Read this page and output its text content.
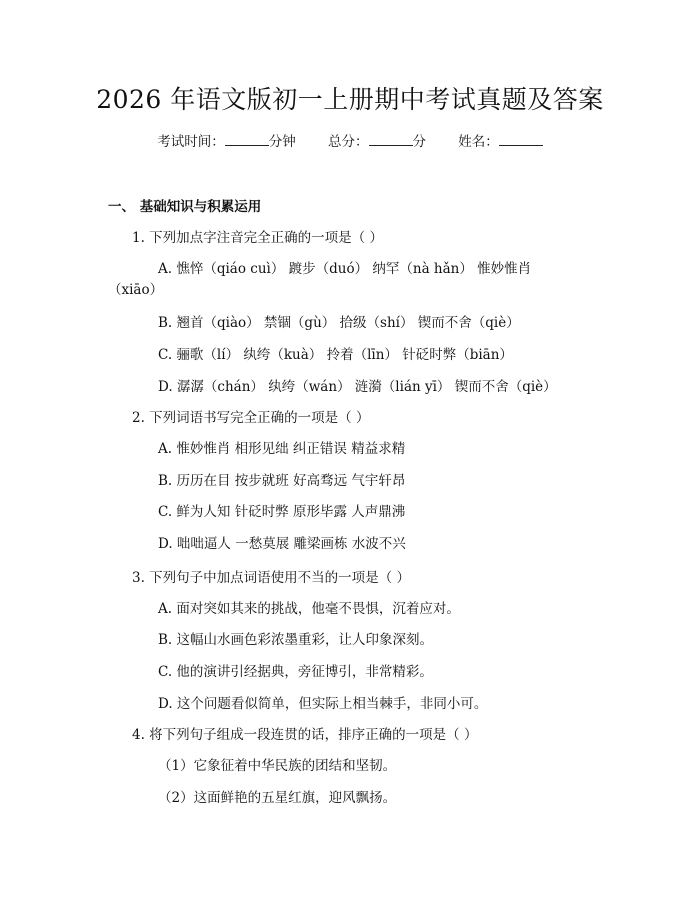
2026 年语文版初一上册期中考试真题及答案
考试时间：	分钟 总分：	分 姓名：
一、 基础知识与积累运用
1. 下列加点字注音完全正确的一项是（ ）
A. 憔悴（qiáo cuì） 踱步（duó） 纳罕（nà hǎn） 惟妙惟肖
（xiāo）
B. 翘首（qiào） 禁锢（gù） 拾级（shí） 锲而不舍（qiè）
C. 骊歌（lí） 纨绔（kuà） 拎着（līn） 针砭时弊（biān）
D. 潺潺（chán） 纨绔（wán） 涟漪（lián yī） 锲而不舍（qiè）
2. 下列词语书写完全正确的一项是（ ）
A. 惟妙惟肖 相形见绌 纠正错误 精益求精
B. 历历在目 按步就班 好高骛远 气宇轩昂
C. 鲜为人知 针砭时弊 原形毕露 人声鼎沸
D. 咄咄逼人 一愁莫展 雕梁画栋 水波不兴
3. 下列句子中加点词语使用不当的一项是（ ）
A. 面对突如其来的挑战，他毫不畏惧，沉着应对。
B. 这幅山水画色彩浓墨重彩，让人印象深刻。
C. 他的演讲引经据典，旁征博引，非常精彩。
D. 这个问题看似简单，但实际上相当棘手，非同小可。
4. 将下列句子组成一段连贯的话，排序正确的一项是（ ）
（1）它象征着中华民族的团结和坚韧。
（2）这面鲜艳的五星红旗，迎风飘扬。
